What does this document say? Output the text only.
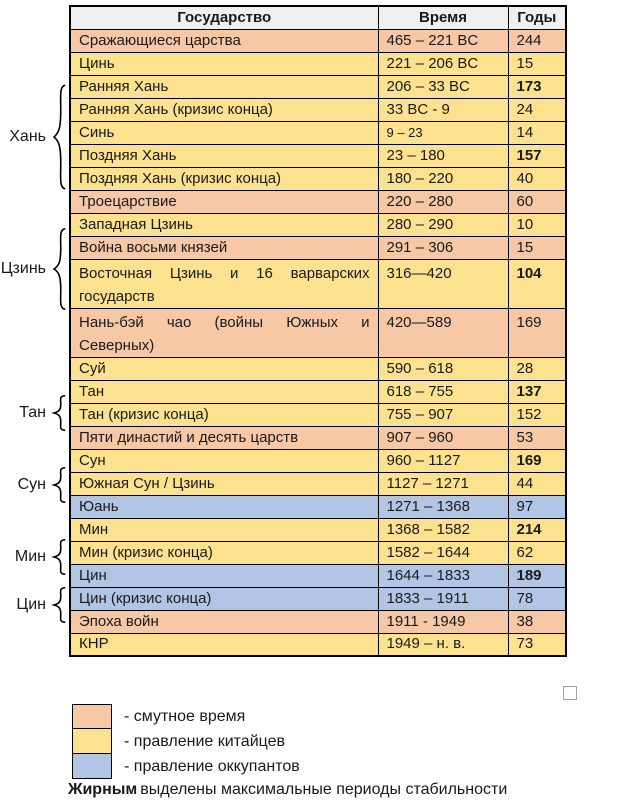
Хань
Цзинь
Тан
Сун
Мин
Цин
Государство	Время	Годы
Сражающиеся царства	465 – 221 BC	244
Цинь	221 – 206 BC	15
Ранняя Хань	206 – 33 BC	173
Ранняя Хань (кризис конца)	33 BC - 9	24
Синь	9 – 23	14
Поздняя Хань	23 – 180	157
Поздняя Хань (кризис конца)	180 – 220	40
Троецарствие	220 – 280	60
Западная Цзинь	280 – 290	10
Война восьми князей	291 – 306	15
Восточная Цзинь и 16 варварских государств	316—420	104
Нань-бэй чао (войны Южных и Северных)	420—589	169
Суй	590 – 618	28
Тан	618 – 755	137
Тан (кризис конца)	755 – 907	152
Пяти династий и десять царств	907 – 960	53
Сун	960 – 1127	169
Южная Сун / Цзинь	1127 – 1271	44
Юань	1271 – 1368	97
Мин	1368 – 1582	214
Мин (кризис конца)	1582 – 1644	62
Цин	1644 – 1833	189
Цин (кризис конца)	1833 – 1911	78
Эпоха войн	1911 - 1949	38
КНР	1949 – н. в.	73
- смутное время
- правление китайцев
- правление оккупантов
Жирным выделены максимальные периоды стабильности
